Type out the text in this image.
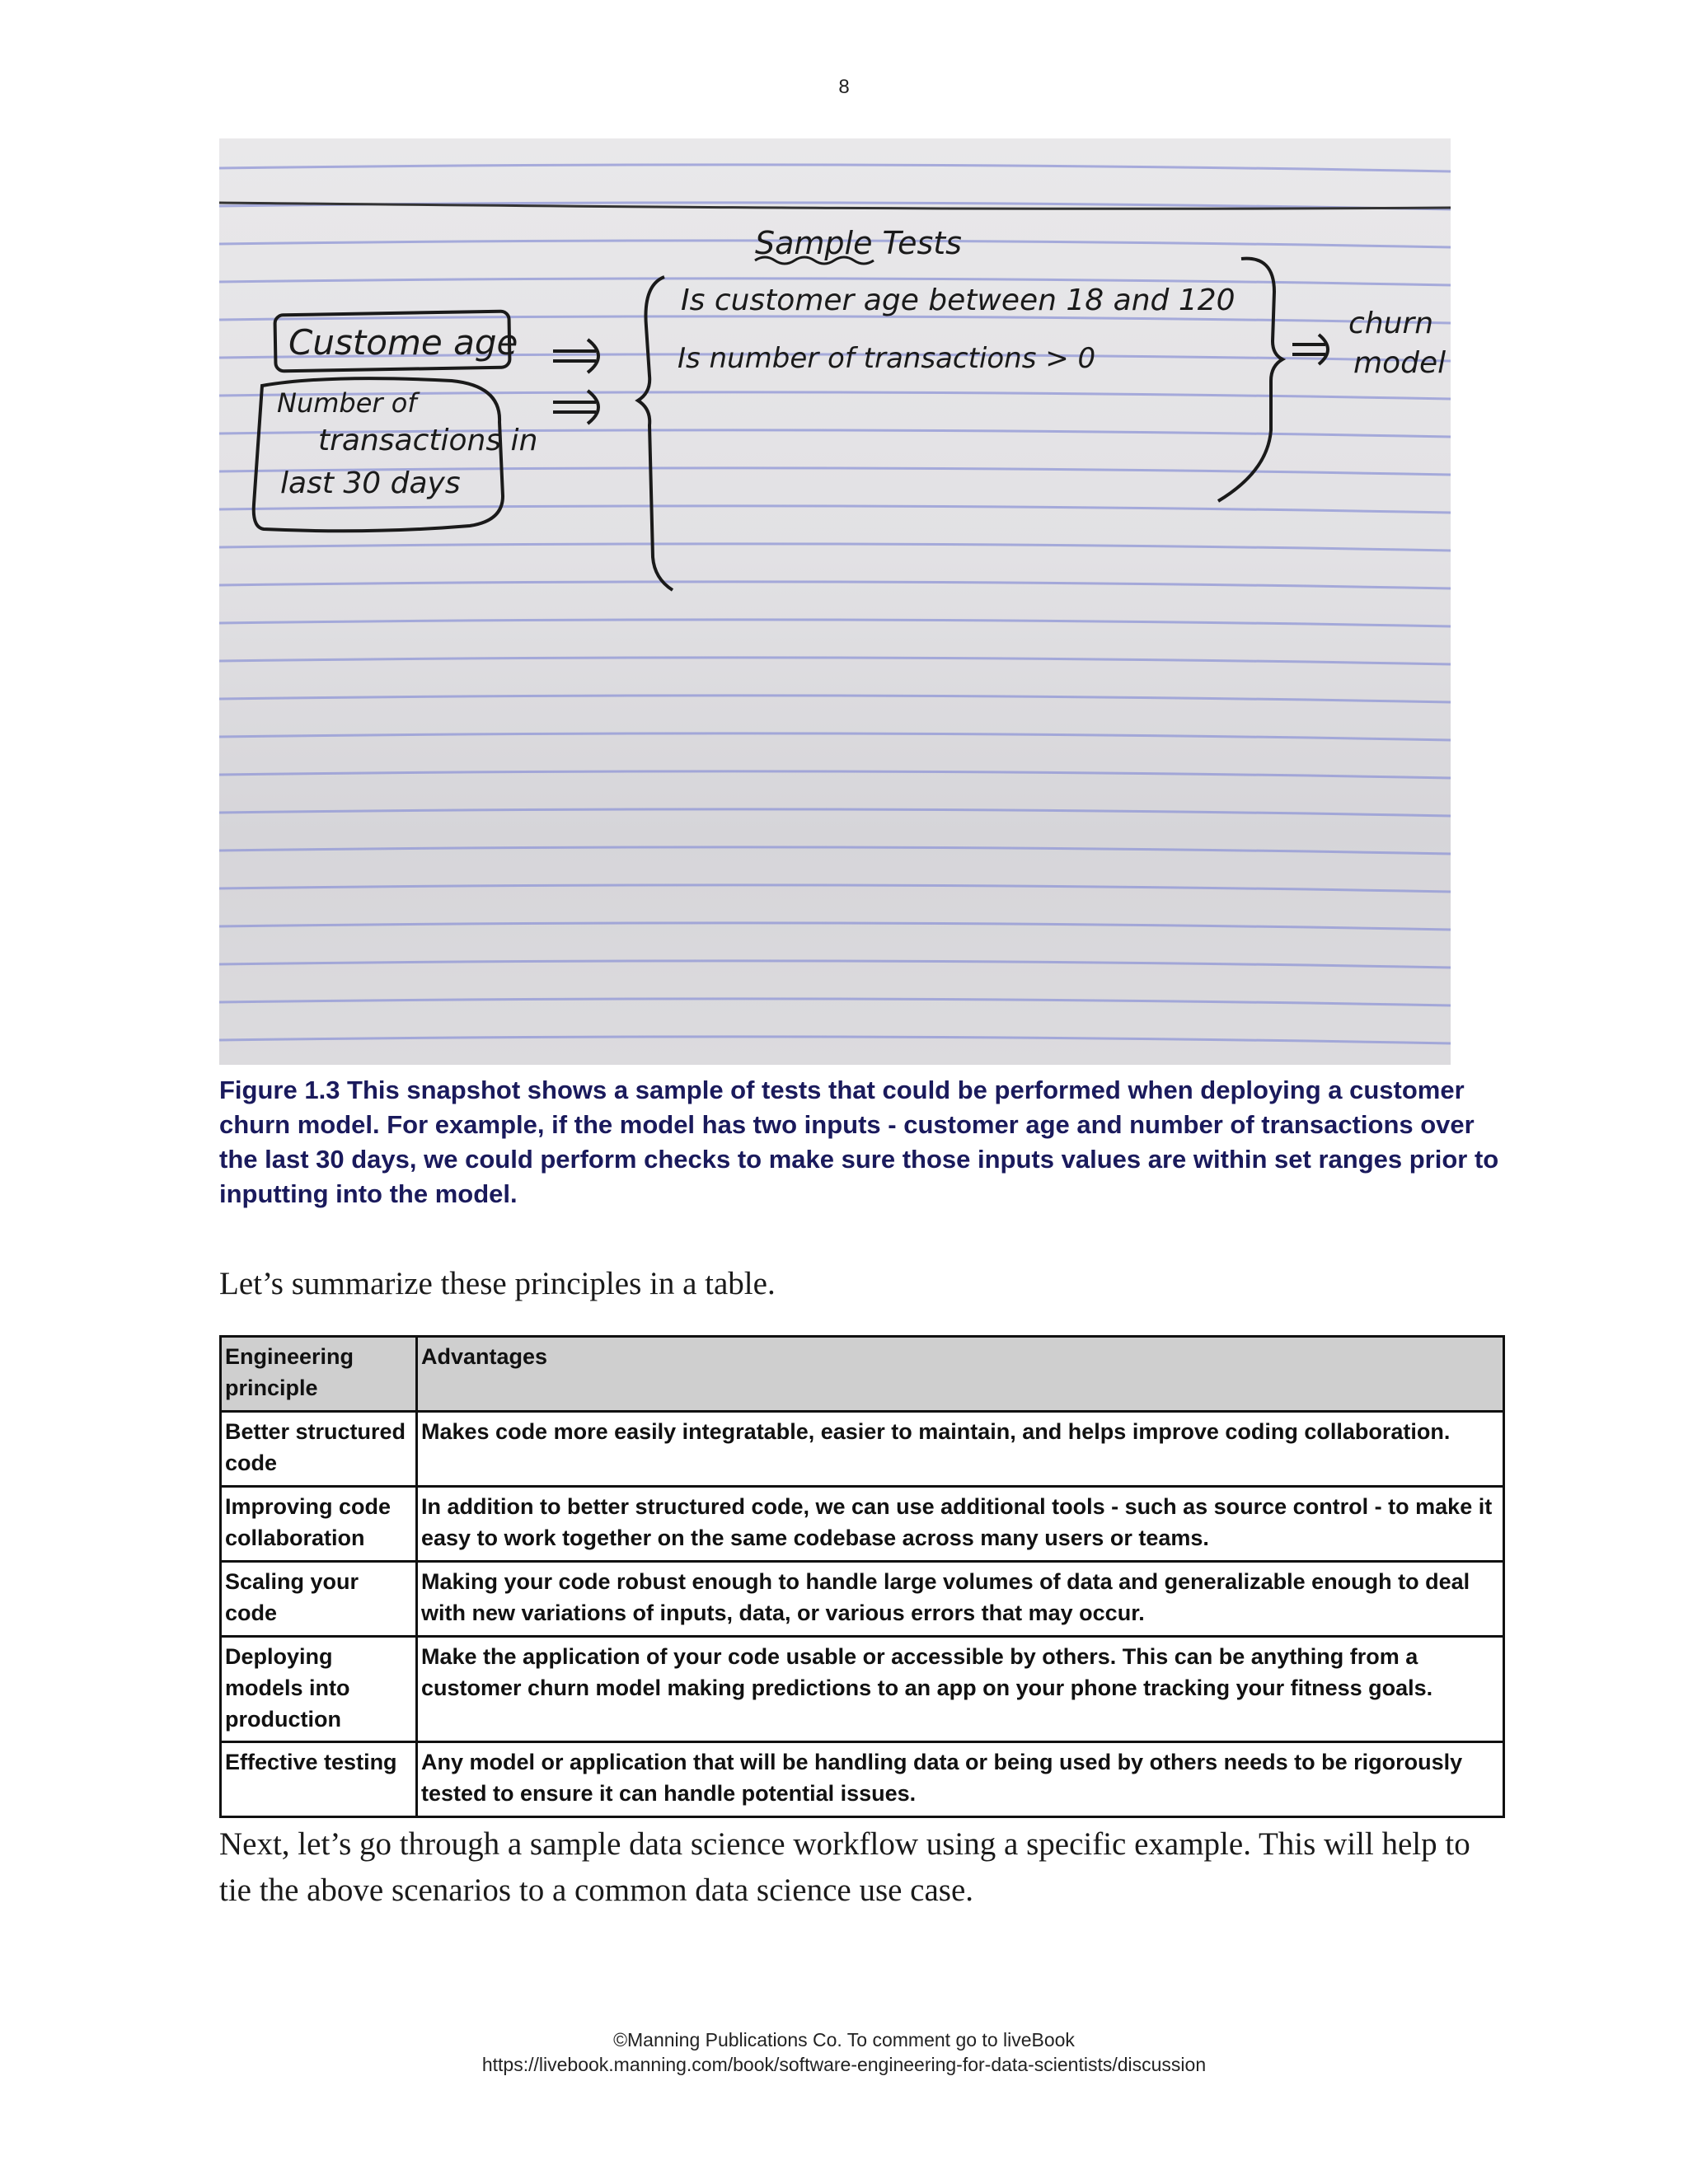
8
Sample Tests
Custome age
Number of
transactions in
last 30 days
Is customer age between 18 and 120
Is number of transactions > 0
churn
model

Figure 1.3 This snapshot shows a sample of tests that could be performed when deploying a customer churn model. For example, if the model has two inputs - customer age and number of transactions over the last 30 days, we could perform checks to make sure those inputs values are within set ranges prior to inputting into the model.

Let’s summarize these principles in a table.

Engineering principle	Advantages
Better structured code	Makes code more easily integratable, easier to maintain, and helps improve coding collaboration.
Improving code collaboration	In addition to better structured code, we can use additional tools - such as source control - to make it easy to work together on the same codebase across many users or teams.
Scaling your code	Making your code robust enough to handle large volumes of data and generalizable enough to deal with new variations of inputs, data, or various errors that may occur.
Deploying models into production	Make the application of your code usable or accessible by others. This can be anything from a customer churn model making predictions to an app on your phone tracking your fitness goals.
Effective testing	Any model or application that will be handling data or being used by others needs to be rigorously tested to ensure it can handle potential issues.

Next, let’s go through a sample data science workflow using a specific example. This will help to tie the above scenarios to a common data science use case.

©Manning Publications Co. To comment go to liveBook
https://livebook.manning.com/book/software-engineering-for-data-scientists/discussion
